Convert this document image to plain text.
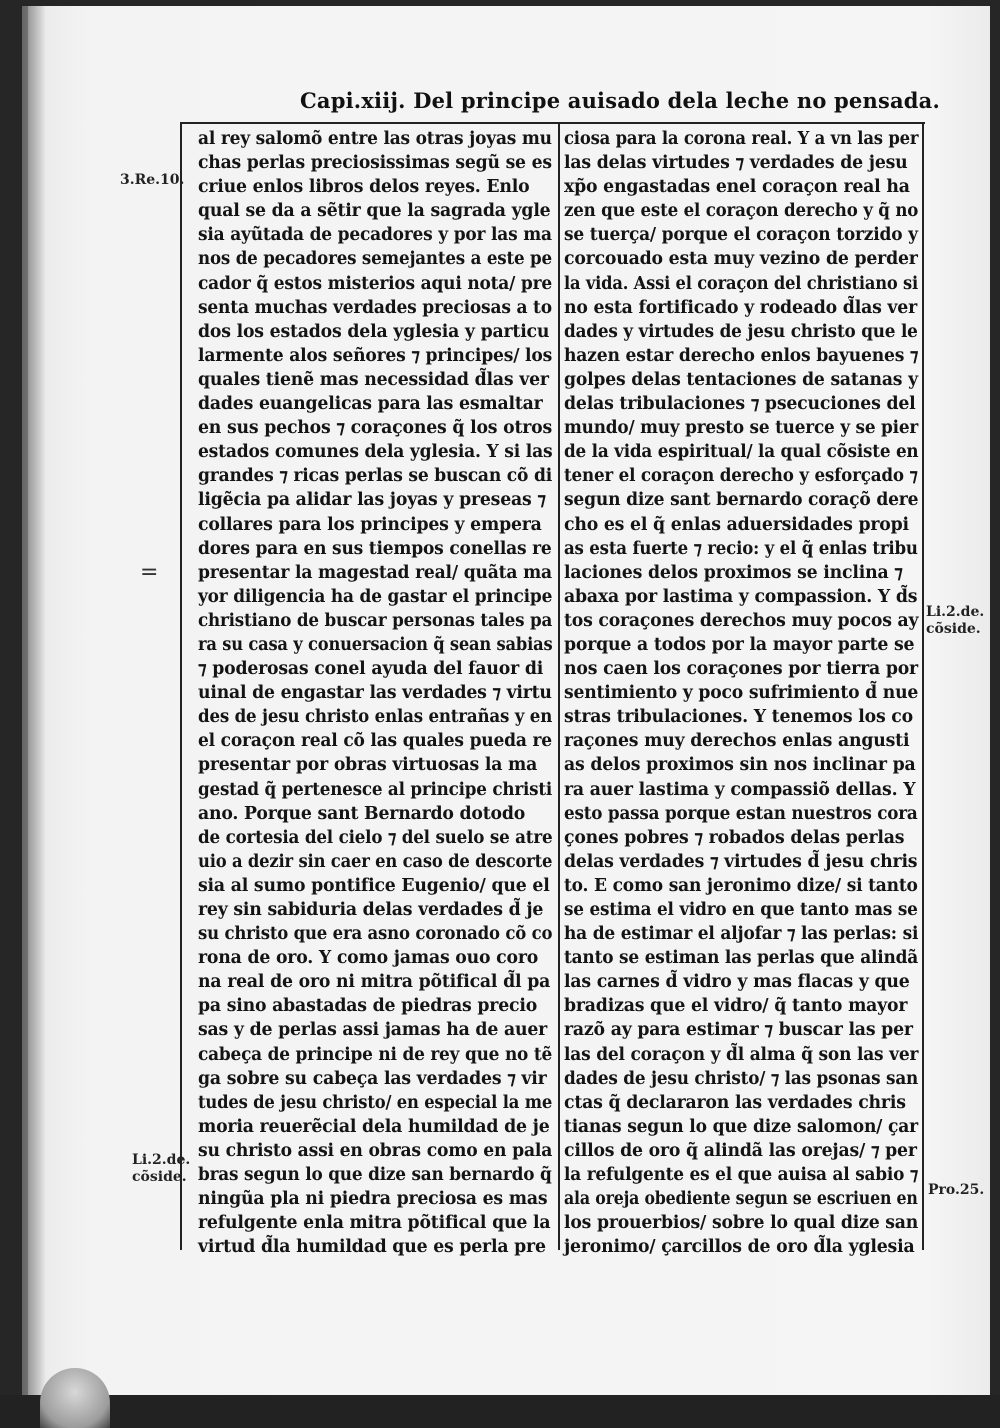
Capi.xiij. Del principe auisado dela leche no pensada.
3.Re.10.
Li.2.de. cõside.
Li.2.de. cõside.
Pro.25.
=
al rey salomõ entre las otras joyas muchas perlas preciosissimas segũ se escriue enlos libros delos reyes. Enloqual se da a sẽtir que la sagrada yglesia ayũtada de pecadores y por las manos de pecadores semejantes a este pecador q̃ estos misterios aqui nota/ presenta muchas verdades preciosas a todos los estados dela yglesia y particularmente alos señores ⁊ principes/ losquales tienẽ mas necessidad d̃las verdades euangelicas para las esmaltaren sus pechos ⁊ coraçones q̃ los otrosestados comunes dela yglesia. Y si lasgrandes ⁊ ricas perlas se buscan cõ diligẽcia pa alidar las joyas y preseas ⁊collares para los principes y emperadores para en sus tiempos conellas representar la magestad real/ quãta mayor diligencia ha de gastar el principechristiano de buscar personas tales para su casa y conuersacion q̃ sean sabias⁊ poderosas conel ayuda del fauor diuinal de engastar las verdades ⁊ virtudes de jesu christo enlas entrañas y enel coraçon real cõ las quales pueda representar por obras virtuosas la magestad q̃ pertenesce al principe christiano. Porque sant Bernardo dotodode cortesia del cielo ⁊ del suelo se atreuio a dezir sin caer en caso de descortesia al sumo pontifice Eugenio/ que elrey sin sabiduria delas verdades d̃ jesu christo que era asno coronado cõ corona de oro. Y como jamas ouo corona real de oro ni mitra põtifical d̃l papa sino abastadas de piedras preciosas y de perlas assi jamas ha de auercabeça de principe ni de rey que no tẽga sobre su cabeça las verdades ⁊ virtudes de jesu christo/ en especial la memoria reuerẽcial dela humildad de jesu christo assi en obras como en palabras segun lo que dize san bernardo q̃ningũa pla ni piedra preciosa es masrefulgente enla mitra põtifical que lavirtud d̃la humildad que es perla pre
ciosa para la corona real. Y a vn las perlas delas virtudes ⁊ verdades de jesuxp̃o engastadas enel coraçon real hazen que este el coraçon derecho y q̃ nose tuerça/ porque el coraçon torzido ycorcouado esta muy vezino de perderla vida. Assi el coraçon del christiano sino esta fortificado y rodeado d̃las verdades y virtudes de jesu christo que lehazen estar derecho enlos bayuenes ⁊golpes delas tentaciones de satanas ydelas tribulaciones ⁊ psecuciones delmundo/ muy presto se tuerce y se pierde la vida espiritual/ la qual cõsiste entener el coraçon derecho y esforçado ⁊segun dize sant bernardo coraçõ derecho es el q̃ enlas aduersidades propias esta fuerte ⁊ recio: y el q̃ enlas tribulaciones delos proximos se inclina ⁊abaxa por lastima y compassion. Y d̃stos coraçones derechos muy pocos ayporque a todos por la mayor parte senos caen los coraçones por tierra porsentimiento y poco sufrimiento d̃ nuestras tribulaciones. Y tenemos los coraçones muy derechos enlas angustias delos proximos sin nos inclinar para auer lastima y compassiõ dellas. Yesto passa porque estan nuestros coraçones pobres ⁊ robados delas perlasdelas verdades ⁊ virtudes d̃ jesu christo. E como san jeronimo dize/ si tantose estima el vidro en que tanto mas seha de estimar el aljofar ⁊ las perlas: sitanto se estiman las perlas que alindãlas carnes d̃ vidro y mas flacas y quebradizas que el vidro/ q̃ tanto mayorrazõ ay para estimar ⁊ buscar las perlas del coraçon y d̃l alma q̃ son las verdades de jesu christo/ ⁊ las psonas sanctas q̃ declararon las verdades christianas segun lo que dize salomon/ çarcillos de oro q̃ alindã las orejas/ ⁊ perla refulgente es el que auisa al sabio ⁊ala oreja obediente segun se escriuen enlos prouerbios/ sobre lo qual dize sanjeronimo/ çarcillos de oro d̃la yglesia
